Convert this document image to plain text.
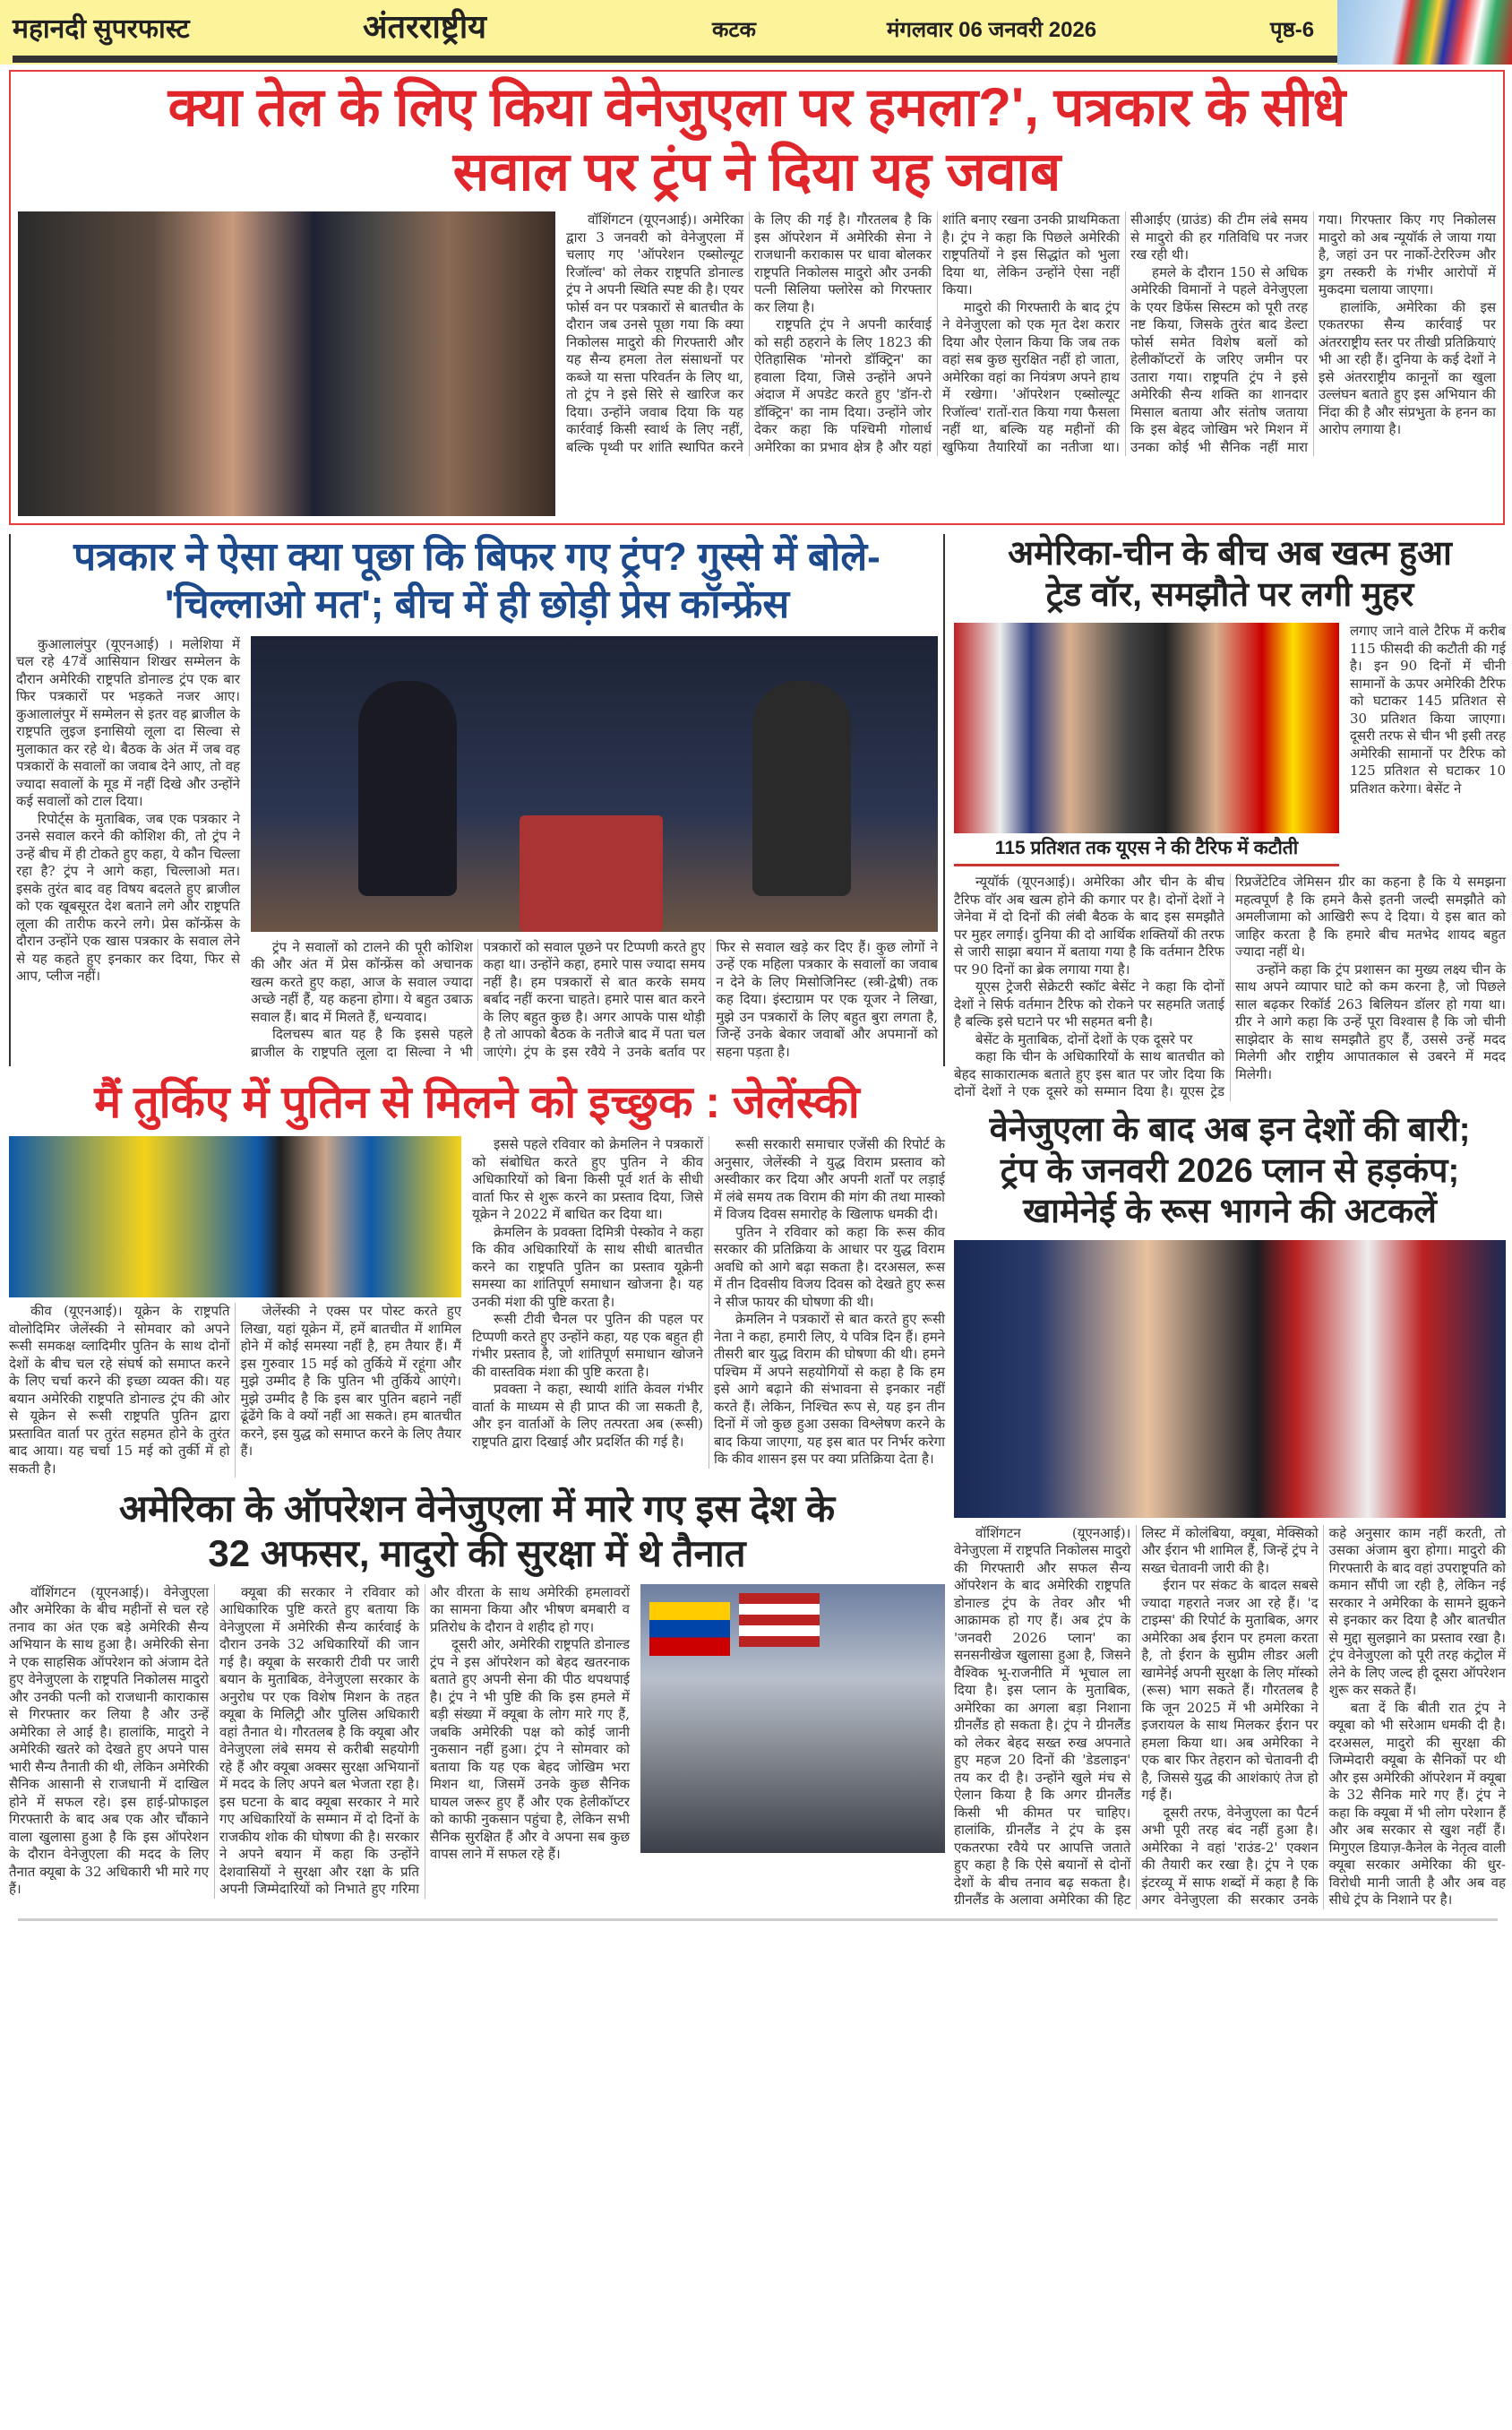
महानदी सुपरफास्ट	अंतरराष्ट्रीय	कटक	मंगलवार 06 जनवरी 2026	पृष्ठ-6
क्या तेल के लिए किया वेनेजुएला पर हमला?', पत्रकार के सीधे
सवाल पर ट्रंप ने दिया यह जवाब

वॉशिंगटन (यूएनआई)। अमेरिका द्वारा 3 जनवरी को वेनेजुएला में चलाए गए 'ऑपरेशन एब्सोल्यूट रिजॉल्व' को लेकर राष्ट्रपति डोनाल्ड ट्रंप ने अपनी स्थिति स्पष्ट की है। एयर फोर्स वन पर पत्रकारों से बातचीत के दौरान जब उनसे पूछा गया कि क्या निकोलस मादुरो की गिरफ्तारी और यह सैन्य हमला तेल संसाधनों पर कब्जे या सत्ता परिवर्तन के लिए था, तो ट्रंप ने इसे सिरे से खारिज कर दिया। उन्होंने जवाब दिया कि यह कार्रवाई किसी स्वार्थ के लिए नहीं, बल्कि पृथ्वी पर शांति स्थापित करने के लिए की गई है। गौरतलब है कि इस ऑपरेशन में अमेरिकी सेना ने राजधानी कराकास पर धावा बोलकर राष्ट्रपति निकोलस मादुरो और उनकी पत्नी सिलिया फ्लोरेस को गिरफ्तार कर लिया है।

राष्ट्रपति ट्रंप ने अपनी कार्रवाई को सही ठहराने के लिए 1823 की ऐतिहासिक 'मोनरो डॉक्ट्रिन' का हवाला दिया, जिसे उन्होंने अपने अंदाज में अपडेट करते हुए 'डॉन-रो डॉक्ट्रिन' का नाम दिया। उन्होंने जोर देकर कहा कि पश्चिमी गोलार्ध अमेरिका का प्रभाव क्षेत्र है और यहां शांति बनाए रखना उनकी प्राथमिकता है। ट्रंप ने कहा कि पिछले अमेरिकी राष्ट्रपतियों ने इस सिद्धांत को भुला दिया था, लेकिन उन्होंने ऐसा नहीं किया।

मादुरो की गिरफ्तारी के बाद ट्रंप ने वेनेजुएला को एक मृत देश करार दिया और ऐलान किया कि जब तक वहां सब कुछ सुरक्षित नहीं हो जाता, अमेरिका वहां का नियंत्रण अपने हाथ में रखेगा। 'ऑपरेशन एब्सोल्यूट रिजॉल्व' रातों-रात किया गया फैसला नहीं था, बल्कि यह महीनों की खुफिया तैयारियों का नतीजा था। सीआईए (ग्राउंड) की टीम लंबे समय से मादुरो की हर गतिविधि पर नजर रख रही थी।

हमले के दौरान 150 से अधिक अमेरिकी विमानों ने पहले वेनेजुएला के एयर डिफेंस सिस्टम को पूरी तरह नष्ट किया, जिसके तुरंत बाद डेल्टा फोर्स समेत विशेष बलों को हेलीकॉप्टरों के जरिए जमीन पर उतारा गया। राष्ट्रपति ट्रंप ने इसे अमेरिकी सैन्य शक्ति का शानदार मिसाल बताया और संतोष जताया कि इस बेहद जोखिम भरे मिशन में उनका कोई भी सैनिक नहीं मारा गया। गिरफ्तार किए गए निकोलस मादुरो को अब न्यूयॉर्क ले जाया गया है, जहां उन पर नार्को-टेररिज्म और ड्रग तस्करी के गंभीर आरोपों में मुकदमा चलाया जाएगा।

हालांकि, अमेरिका की इस एकतरफा सैन्य कार्रवाई पर अंतरराष्ट्रीय स्तर पर तीखी प्रतिक्रियाएं भी आ रही हैं। दुनिया के कई देशों ने इसे अंतरराष्ट्रीय कानूनों का खुला उल्लंघन बताते हुए इस अभियान की निंदा की है और संप्रभुता के हनन का आरोप लगाया है।

पत्रकार ने ऐसा क्या पूछा कि बिफर गए ट्रंप? गुस्से में बोले-
'चिल्लाओ मत'; बीच में ही छोड़ी प्रेस कॉन्फ्रेंस

कुआलालंपुर (यूएनआई) । मलेशिया में चल रहे 47वें आसियान शिखर सम्मेलन के दौरान अमेरिकी राष्ट्रपति डोनाल्ड ट्रंप एक बार फिर पत्रकारों पर भड़कते नजर आए। कुआलालंपुर में सम्मेलन से इतर वह ब्राजील के राष्ट्रपति लुइज इनासियो लूला दा सिल्वा से मुलाकात कर रहे थे। बैठक के अंत में जब वह पत्रकारों के सवालों का जवाब देने आए, तो वह ज्यादा सवालों के मूड में नहीं दिखे और उन्होंने कई सवालों को टाल दिया।

रिपोर्ट्स के मुताबिक, जब एक पत्रकार ने उनसे सवाल करने की कोशिश की, तो ट्रंप ने उन्हें बीच में ही टोकते हुए कहा, ये कौन चिल्ला रहा है? ट्रंप ने आगे कहा, चिल्लाओ मत। इसके तुरंत बाद वह विषय बदलते हुए ब्राजील को एक खूबसूरत देश बताने लगे और राष्ट्रपति लूला की तारीफ करने लगे। प्रेस कॉन्फ्रेंस के दौरान उन्होंने एक खास पत्रकार के सवाल लेने से यह कहते हुए इनकार कर दिया, फिर से आप, प्लीज नहीं।

ट्रंप ने सवालों को टालने की पूरी कोशिश की और अंत में प्रेस कॉन्फ्रेंस को अचानक खत्म करते हुए कहा, आज के सवाल ज्यादा अच्छे नहीं हैं, यह कहना होगा। ये बहुत उबाऊ सवाल हैं। बाद में मिलते हैं, धन्यवाद।

दिलचस्प बात यह है कि इससे पहले ब्राजील के राष्ट्रपति लूला दा सिल्वा ने भी पत्रकारों को सवाल पूछने पर टिप्पणी करते हुए कहा था। उन्होंने कहा, हमारे पास ज्यादा समय नहीं है। हम पत्रकारों से बात करके समय बर्बाद नहीं करना चाहते। हमारे पास बात करने के लिए बहुत कुछ है। अगर आपके पास थोड़ी है तो आपको बैठक के नतीजे बाद में पता चल जाएंगे। ट्रंप के इस रवैये ने उनके बर्ताव पर फिर से सवाल खड़े कर दिए हैं। कुछ लोगों ने उन्हें एक महिला पत्रकार के सवालों का जवाब न देने के लिए मिसोजिनिस्ट (स्त्री-द्वेषी) तक कह दिया। इंस्टाग्राम पर एक यूजर ने लिखा, मुझे उन पत्रकारों के लिए बहुत बुरा लगता है, जिन्हें उनके बेकार जवाबों और अपमानों को सहना पड़ता है।

मैं तुर्किए में पुतिन से मिलने को इच्छुक : जेलेंस्की

कीव (यूएनआई)। यूक्रेन के राष्ट्रपति वोलोदिमिर जेलेंस्की ने सोमवार को अपने रूसी समकक्ष व्लादिमीर पुतिन के साथ दोनों देशों के बीच चल रहे संघर्ष को समाप्त करने के लिए चर्चा करने की इच्छा व्यक्त की। यह बयान अमेरिकी राष्ट्रपति डोनाल्ड ट्रंप की ओर से यूक्रेन से रूसी राष्ट्रपति पुतिन द्वारा प्रस्तावित वार्ता पर तुरंत सहमत होने के तुरंत बाद आया। यह चर्चा 15 मई को तुर्की में हो सकती है।

जेलेंस्की ने एक्स पर पोस्ट करते हुए लिखा, यहां यूक्रेन में, हमें बातचीत में शामिल होने में कोई समस्या नहीं है, हम तैयार हैं। मैं इस गुरुवार 15 मई को तुर्किये में रहूंगा और मुझे उम्मीद है कि पुतिन भी तुर्किये आएंगे। मुझे उम्मीद है कि इस बार पुतिन बहाने नहीं ढूंढेंगे कि वे क्यों नहीं आ सकते। हम बातचीत करने, इस युद्ध को समाप्त करने के लिए तैयार हैं।

इससे पहले रविवार को क्रेमलिन ने पत्रकारों को संबोधित करते हुए पुतिन ने कीव अधिकारियों को बिना किसी पूर्व शर्त के सीधी वार्ता फिर से शुरू करने का प्रस्ताव दिया, जिसे यूक्रेन ने 2022 में बाधित कर दिया था।

क्रेमलिन के प्रवक्ता दिमित्री पेस्कोव ने कहा कि कीव अधिकारियों के साथ सीधी बातचीत करने का राष्ट्रपति पुतिन का प्रस्ताव यूक्रेनी समस्या का शांतिपूर्ण समाधान खोजना है। यह उनकी मंशा की पुष्टि करता है।

रूसी टीवी चैनल पर पुतिन की पहल पर टिप्पणी करते हुए उन्होंने कहा, यह एक बहुत ही गंभीर प्रस्ताव है, जो शांतिपूर्ण समाधान खोजने की वास्तविक मंशा की पुष्टि करता है।

प्रवक्ता ने कहा, स्थायी शांति केवल गंभीर वार्ता के माध्यम से ही प्राप्त की जा सकती है, और इन वार्ताओं के लिए तत्परता अब (रूसी) राष्ट्रपति द्वारा दिखाई और प्रदर्शित की गई है।

रूसी सरकारी समाचार एजेंसी की रिपोर्ट के अनुसार, जेलेंस्की ने युद्ध विराम प्रस्ताव को अस्वीकार कर दिया और अपनी शर्तों पर लड़ाई में लंबे समय तक विराम की मांग की तथा मास्को में विजय दिवस समारोह के खिलाफ धमकी दी।

पुतिन ने रविवार को कहा कि रूस कीव सरकार की प्रतिक्रिया के आधार पर युद्ध विराम अवधि को आगे बढ़ा सकता है। दरअसल, रूस में तीन दिवसीय विजय दिवस को देखते हुए रूस ने सीज फायर की घोषणा की थी।

क्रेमलिन ने पत्रकारों से बात करते हुए रूसी नेता ने कहा, हमारी लिए, ये पवित्र दिन हैं। हमने तीसरी बार युद्ध विराम की घोषणा की थी। हमने पश्चिम में अपने सहयोगियों से कहा है कि हम इसे आगे बढ़ाने की संभावना से इनकार नहीं करते हैं। लेकिन, निश्चित रूप से, यह इन तीन दिनों में जो कुछ हुआ उसका विश्लेषण करने के बाद किया जाएगा, यह इस बात पर निर्भर करेगा कि कीव शासन इस पर क्या प्रतिक्रिया देता है।

अमेरिका के ऑपरेशन वेनेजुएला में मारे गए इस देश के
32 अफसर, मादुरो की सुरक्षा में थे तैनात

वॉशिंगटन (यूएनआई)। वेनेजुएला और अमेरिका के बीच महीनों से चल रहे तनाव का अंत एक बड़े अमेरिकी सैन्य अभियान के साथ हुआ है। अमेरिकी सेना ने एक साहसिक ऑपरेशन को अंजाम देते हुए वेनेजुएला के राष्ट्रपति निकोलस मादुरो और उनकी पत्नी को राजधानी काराकास से गिरफ्तार कर लिया है और उन्हें अमेरिका ले आई है। हालांकि, मादुरो ने अमेरिकी खतरे को देखते हुए अपने पास भारी सैन्य तैनाती की थी, लेकिन अमेरिकी सैनिक आसानी से राजधानी में दाखिल होने में सफल रहे। इस हाई-प्रोफाइल गिरफ्तारी के बाद अब एक और चौंकाने वाला खुलासा हुआ है कि इस ऑपरेशन के दौरान वेनेजुएला की मदद के लिए तैनात क्यूबा के 32 अधिकारी भी मारे गए हैं।

क्यूबा की सरकार ने रविवार को आधिकारिक पुष्टि करते हुए बताया कि वेनेजुएला में अमेरिकी सैन्य कार्रवाई के दौरान उनके 32 अधिकारियों की जान गई है। क्यूबा के सरकारी टीवी पर जारी बयान के मुताबिक, वेनेजुएला सरकार के अनुरोध पर एक विशेष मिशन के तहत क्यूबा के मिलिट्री और पुलिस अधिकारी वहां तैनात थे। गौरतलब है कि क्यूबा और वेनेजुएला लंबे समय से करीबी सहयोगी रहे हैं और क्यूबा अक्सर सुरक्षा अभियानों में मदद के लिए अपने बल भेजता रहा है। इस घटना के बाद क्यूबा सरकार ने मारे गए अधिकारियों के सम्मान में दो दिनों के राजकीय शोक की घोषणा की है। सरकार ने अपने बयान में कहा कि उन्होंने देशवासियों ने सुरक्षा और रक्षा के प्रति अपनी जिम्मेदारियों को निभाते हुए गरिमा और वीरता के साथ अमेरिकी हमलावरों का सामना किया और भीषण बमबारी व प्रतिरोध के दौरान वे शहीद हो गए।

दूसरी ओर, अमेरिकी राष्ट्रपति डोनाल्ड ट्रंप ने इस ऑपरेशन को बेहद खतरनाक बताते हुए अपनी सेना की पीठ थपथपाई है। ट्रंप ने भी पुष्टि की कि इस हमले में बड़ी संख्या में क्यूबा के लोग मारे गए हैं, जबकि अमेरिकी पक्ष को कोई जानी नुकसान नहीं हुआ। ट्रंप ने सोमवार को बताया कि यह एक बेहद जोखिम भरा मिशन था, जिसमें उनके कुछ सैनिक घायल जरूर हुए हैं और एक हेलीकॉप्टर को काफी नुकसान पहुंचा है, लेकिन सभी सैनिक सुरक्षित हैं और वे अपना सब कुछ वापस लाने में सफल रहे हैं।

अमेरिका-चीन के बीच अब खत्म हुआ
ट्रेड वॉर, समझौते पर लगी मुहर
115 प्रतिशत तक यूएस ने की टैरिफ में कटौती

लगाए जाने वाले टैरिफ में करीब 115 फीसदी की कटौती की गई है। इन 90 दिनों में चीनी सामानों के ऊपर अमेरिकी टैरिफ को घटाकर 145 प्रतिशत से 30 प्रतिशत किया जाएगा। दूसरी तरफ से चीन भी इसी तरह अमेरिकी सामानों पर टैरिफ को 125 प्रतिशत से घटाकर 10 प्रतिशत करेगा। बेसेंट ने

न्यूयॉर्क (यूएनआई)। अमेरिका और चीन के बीच टैरिफ वॉर अब खत्म होने की कगार पर है। दोनों देशों ने जेनेवा में दो दिनों की लंबी बैठक के बाद इस समझौते पर मुहर लगाई। दुनिया की दो आर्थिक शक्तियों की तरफ से जारी साझा बयान में बताया गया है कि वर्तमान टैरिफ पर 90 दिनों का ब्रेक लगाया गया है।

यूएस ट्रेजरी सेक्रेटरी स्कॉट बेसेंट ने कहा कि दोनों देशों ने सिर्फ वर्तमान टैरिफ को रोकने पर सहमति जताई है बल्कि इसे घटाने पर भी सहमत बनी है।

बेसेंट के मुताबिक, दोनों देशों के एक दूसरे पर

कहा कि चीन के अधिकारियों के साथ बातचीत को बेहद साकारात्मक बताते हुए इस बात पर जोर दिया कि दोनों देशों ने एक दूसरे को सम्मान दिया है। यूएस ट्रेड रिप्रजेंटेटिव जेमिसन ग्रीर का कहना है कि ये समझना महत्वपूर्ण है कि हमने कैसे इतनी जल्दी समझौते को अमलीजामा को आखिरी रूप दे दिया। ये इस बात को जाहिर करता है कि हमारे बीच मतभेद शायद बहुत ज्यादा नहीं थे।

उन्होंने कहा कि ट्रंप प्रशासन का मुख्य लक्ष्य चीन के साथ अपने व्यापार घाटे को कम करना है, जो पिछले साल बढ़कर रिकॉर्ड 263 बिलियन डॉलर हो गया था। ग्रीर ने आगे कहा कि उन्हें पूरा विश्वास है कि जो चीनी साझेदार के साथ समझौते हुए हैं, उससे उन्हें मदद मिलेगी और राष्ट्रीय आपातकाल से उबरने में मदद मिलेगी।

वेनेजुएला के बाद अब इन देशों की बारी;
ट्रंप के जनवरी 2026 प्लान से हड़कंप;
खामेनेई के रूस भागने की अटकलें

वॉशिंगटन (यूएनआई)। वेनेजुएला में राष्ट्रपति निकोलस मादुरो की गिरफ्तारी और सफल सैन्य ऑपरेशन के बाद अमेरिकी राष्ट्रपति डोनाल्ड ट्रंप के तेवर और भी आक्रामक हो गए हैं। अब ट्रंप के 'जनवरी 2026 प्लान' का सनसनीखेज खुलासा हुआ है, जिसने वैश्विक भू-राजनीति में भूचाल ला दिया है। इस प्लान के मुताबिक, अमेरिका का अगला बड़ा निशाना ग्रीनलैंड हो सकता है। ट्रंप ने ग्रीनलैंड को लेकर बेहद सख्त रुख अपनाते हुए महज 20 दिनों की 'डेडलाइन' तय कर दी है। उन्होंने खुले मंच से ऐलान किया है कि अगर ग्रीनलैंड किसी भी कीमत पर चाहिए। हालांकि, ग्रीनलैंड ने ट्रंप के इस एकतरफा रवैये पर आपत्ति जताते हुए कहा है कि ऐसे बयानों से दोनों देशों के बीच तनाव बढ़ सकता है। ग्रीनलैंड के अलावा अमेरिका की हिट लिस्ट में कोलंबिया, क्यूबा, मेक्सिको और ईरान भी शामिल हैं, जिन्हें ट्रंप ने सख्त चेतावनी जारी की है।

ईरान पर संकट के बादल सबसे ज्यादा गहराते नजर आ रहे हैं। 'द टाइम्स' की रिपोर्ट के मुताबिक, अगर अमेरिका अब ईरान पर हमला करता है, तो ईरान के सुप्रीम लीडर अली खामेनेई अपनी सुरक्षा के लिए मॉस्को (रूस) भाग सकते हैं। गौरतलब है कि जून 2025 में भी अमेरिका ने इजरायल के साथ मिलकर ईरान पर हमला किया था। अब अमेरिका ने एक बार फिर तेहरान को चेतावनी दी है, जिससे युद्ध की आशंकाएं तेज हो गई हैं।

दूसरी तरफ, वेनेजुएला का पैटर्न अभी पूरी तरह बंद नहीं हुआ है। अमेरिका ने वहां 'राउंड-2' एक्शन की तैयारी कर रखा है। ट्रंप ने एक इंटरव्यू में साफ शब्दों में कहा है कि अगर वेनेजुएला की सरकार उनके कहे अनुसार काम नहीं करती, तो उसका अंजाम बुरा होगा। मादुरो की गिरफ्तारी के बाद वहां उपराष्ट्रपति को कमान सौंपी जा रही है, लेकिन नई सरकार ने अमेरिका के सामने झुकने से इनकार कर दिया है और बातचीत से मुद्दा सुलझाने का प्रस्ताव रखा है। ट्रंप वेनेजुएला को पूरी तरह कंट्रोल में लेने के लिए जल्द ही दूसरा ऑपरेशन शुरू कर सकते हैं।

बता दें कि बीती रात ट्रंप ने क्यूबा को भी सरेआम धमकी दी है। दरअसल, मादुरो की सुरक्षा की जिम्मेदारी क्यूबा के सैनिकों पर थी और इस अमेरिकी ऑपरेशन में क्यूबा के 32 सैनिक मारे गए हैं। ट्रंप ने कहा कि क्यूबा में भी लोग परेशान हैं और अब सरकार से खुश नहीं हैं। मिगुएल डियाज़-कैनेल के नेतृत्व वाली क्यूबा सरकार अमेरिका की धुर-विरोधी मानी जाती है और अब वह सीधे ट्रंप के निशाने पर है।
